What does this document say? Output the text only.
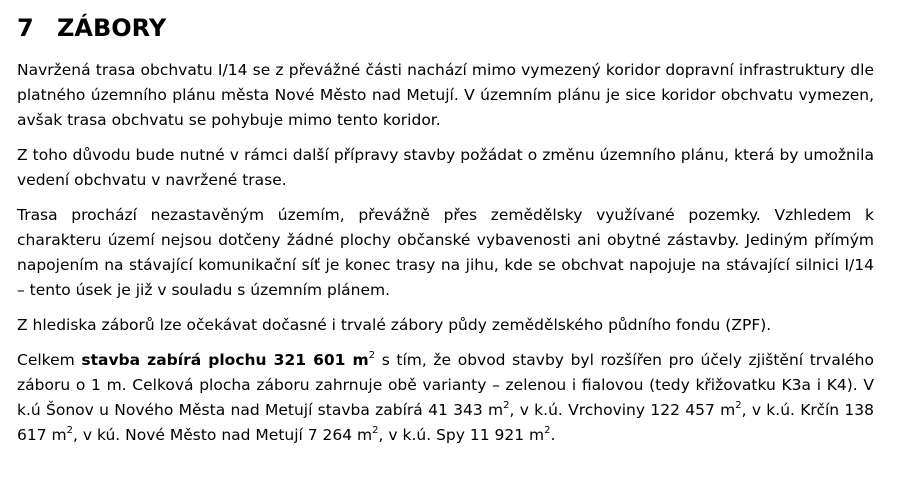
7 ZÁBORY

Navržená trasa obchvatu I/14 se z převážné části nachází mimo vymezený koridor dopravní infrastruktury dle platného územního plánu města Nové Město nad Metují. V územním plánu je sice koridor obchvatu vymezen, avšak trasa obchvatu se pohybuje mimo tento koridor.

Z toho důvodu bude nutné v rámci další přípravy stavby požádat o změnu územního plánu, která by umožnila vedení obchvatu v navržené trase.

Trasa prochází nezastavěným územím, převážně přes zemědělsky využívané pozemky. Vzhledem k charakteru území nejsou dotčeny žádné plochy občanské vybavenosti ani obytné zástavby. Jediným přímým napojením na stávající komunikační síť je konec trasy na jihu, kde se obchvat napojuje na stávající silnici I/14 – tento úsek je již v souladu s územním plánem.

Z hlediska záborů lze očekávat dočasné i trvalé zábory půdy zemědělského půdního fondu (ZPF).

Celkem stavba zabírá plochu 321 601 $m^2$ s tím, že obvod stavby byl rozšířen pro účely zjištění trvalého záboru o 1 m. Celková plocha záboru zahrnuje obě varianty – zelenou i fialovou (tedy křižovatku K3a i K4). V k.ú Šonov u Nového Města nad Metují stavba zabírá 41 343 $m^2$, v k.ú. Vrchoviny 122 457 $m^2$, v k.ú. Krčín 138 617 $m^2$, v kú. Nové Město nad Metují 7 264 $m^2$, v k.ú. Spy 11 921 $m^2$.
